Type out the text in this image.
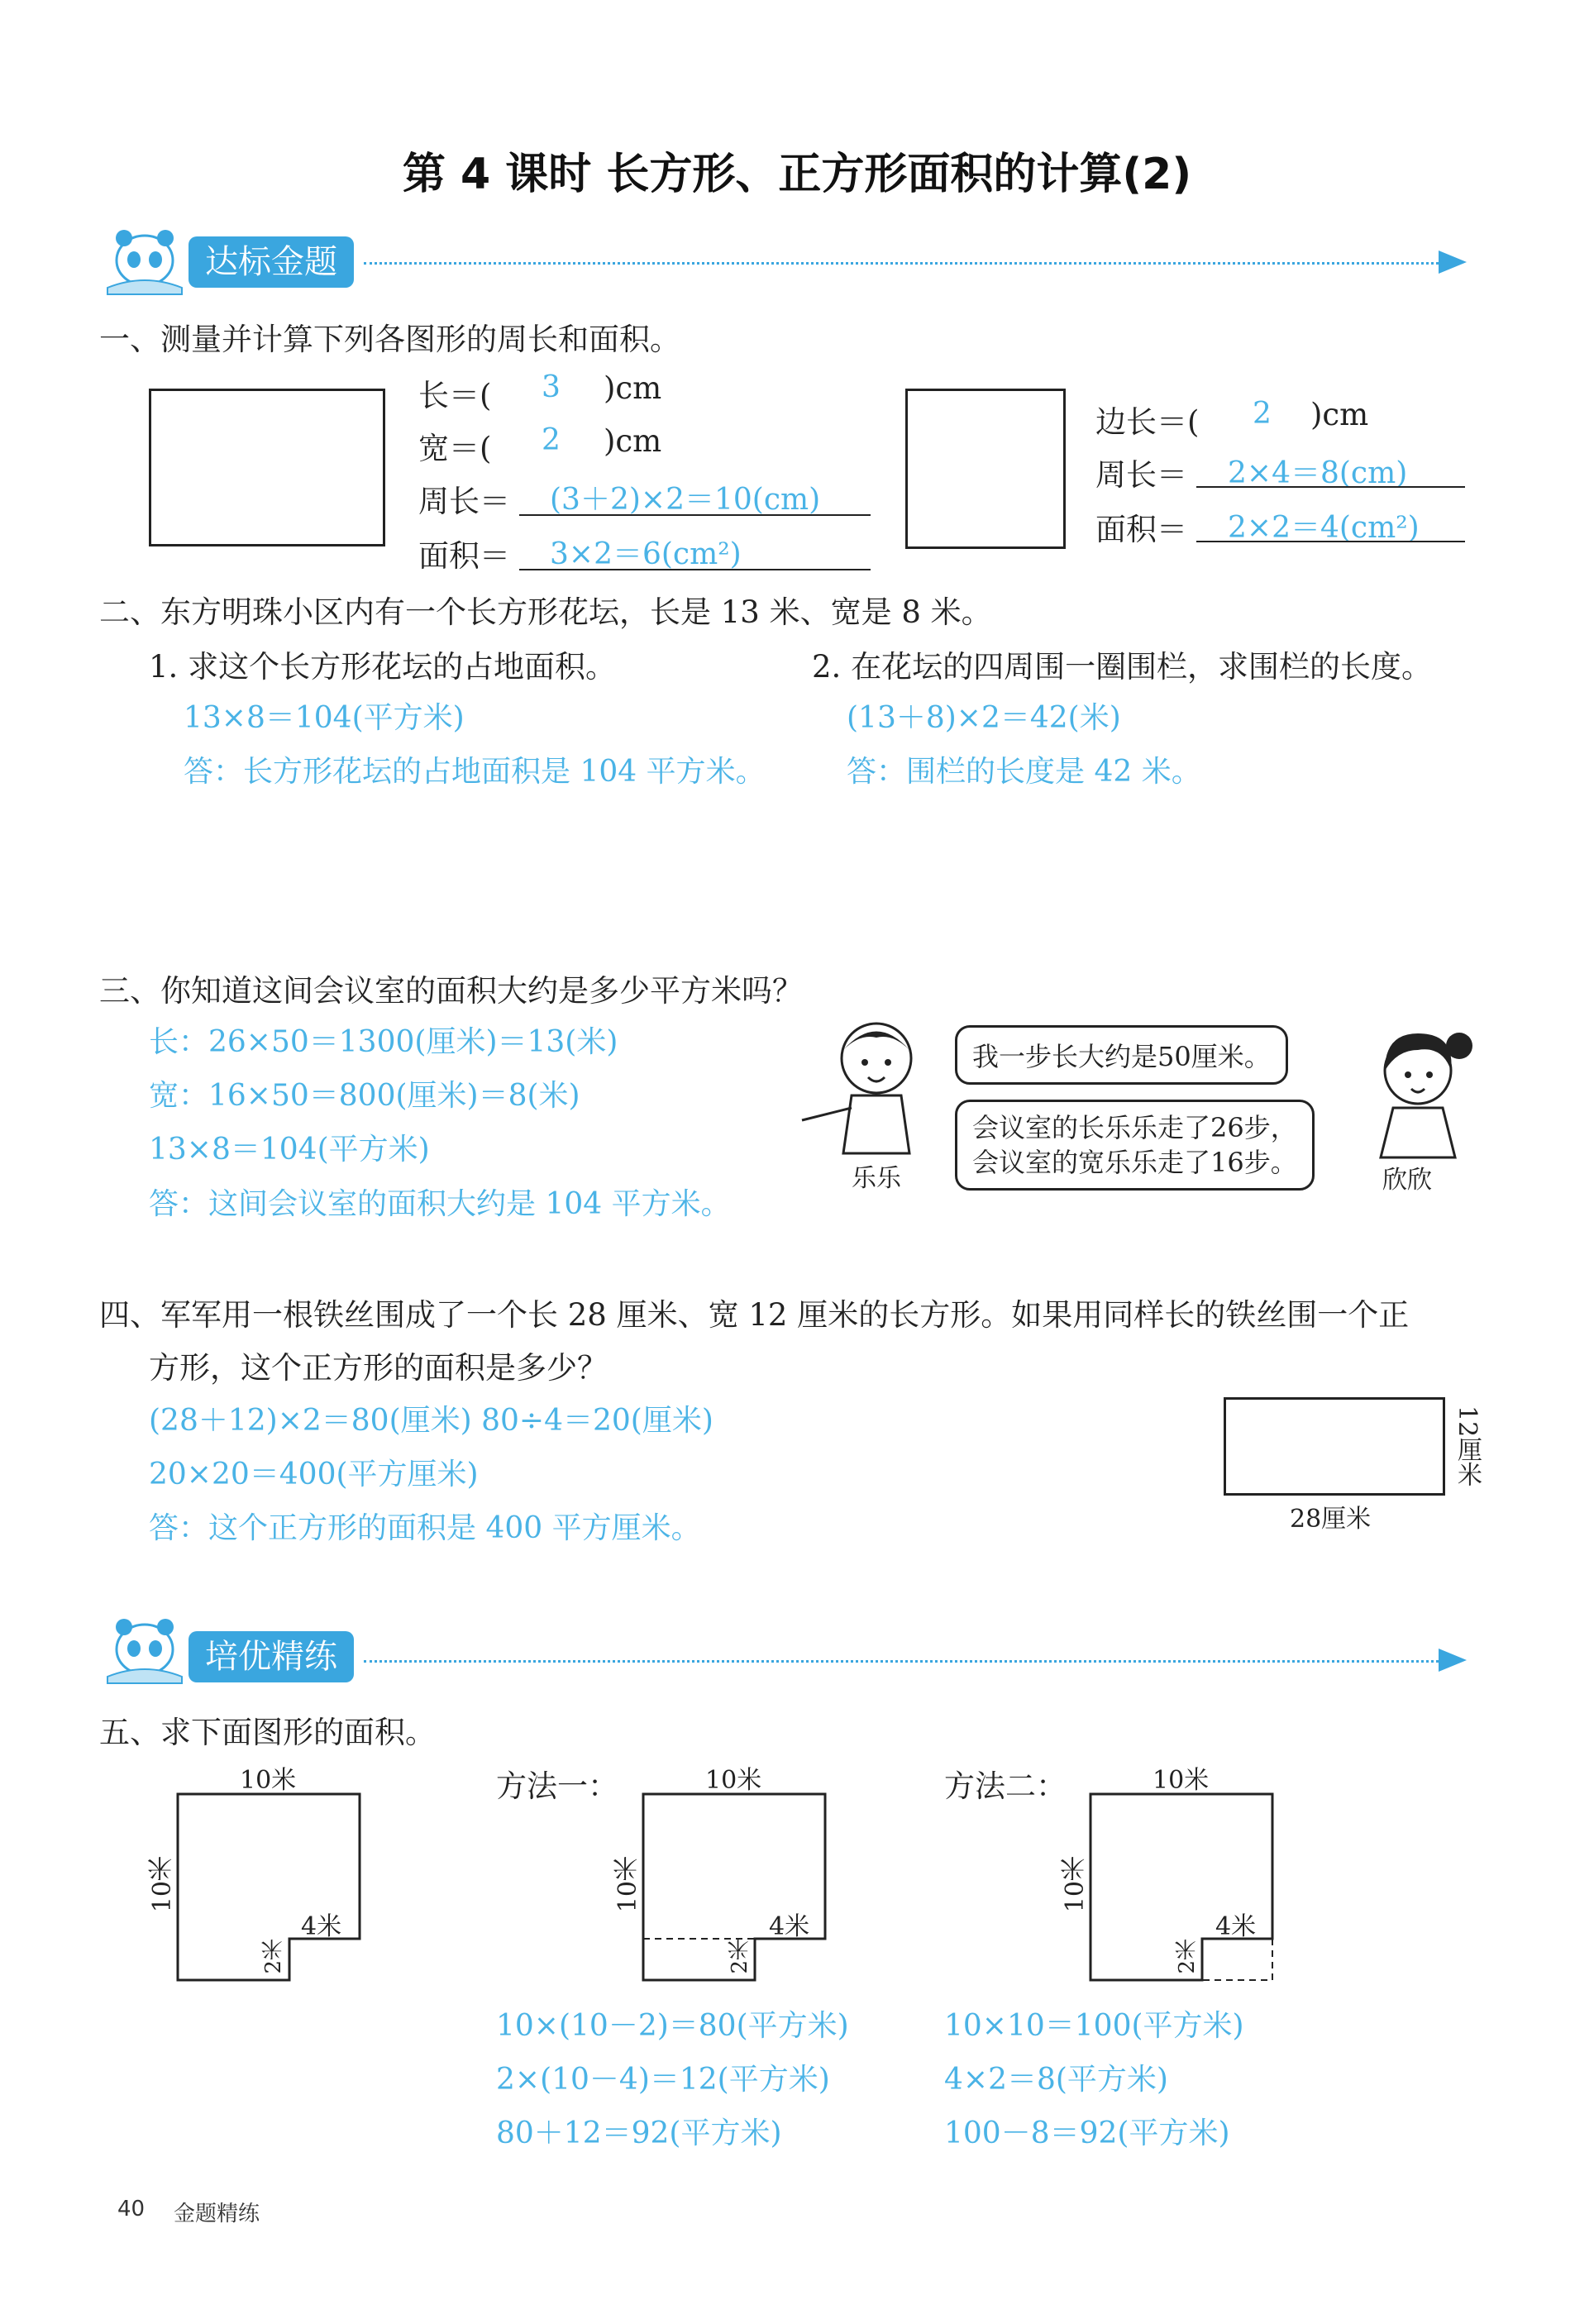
第 4 课时 长方形、正方形面积的计算(2)
达标金题
一、测量并计算下列各图形的周长和面积。
长＝( 3 )cm
宽＝( 2 )cm
周长＝ (3＋2)×2＝10(cm)
面积＝ 3×2＝6(cm²)
边长＝( 2 )cm
周长＝ 2×4＝8(cm)
面积＝ 2×2＝4(cm²)
二、东方明珠小区内有一个长方形花坛，长是 13 米、宽是 8 米。
1. 求这个长方形花坛的占地面积。
13×8＝104(平方米)
答：长方形花坛的占地面积是 104 平方米。
2. 在花坛的四周围一圈围栏，求围栏的长度。
(13＋8)×2＝42(米)
答：围栏的长度是 42 米。
三、你知道这间会议室的面积大约是多少平方米吗？
长：26×50＝1300(厘米)＝13(米)
宽：16×50＝800(厘米)＝8(米)
13×8＝104(平方米)
答：这间会议室的面积大约是 104 平方米。
乐乐
我一步长大约是50厘米。
会议室的长乐乐走了26步，
会议室的宽乐乐走了16步。
欣欣
四、军军用一根铁丝围成了一个长 28 厘米、宽 12 厘米的长方形。如果用同样长的铁丝围一个正
方形，这个正方形的面积是多少？
(28＋12)×2＝80(厘米) 80÷4＝20(厘米)
20×20＝400(平方厘米)
答：这个正方形的面积是 400 平方厘米。	28厘米
12厘米
培优精练
五、求下面图形的面积。
10米
10米
4米
2米
方法一：	10米
10米
4米
2米
10×(10－2)＝80(平方米)
2×(10－4)＝12(平方米)
80＋12＝92(平方米)
方法二：	10米
10米
4米
2米
10×10＝100(平方米)
4×2＝8(平方米)
100－8＝92(平方米)
40 金题精练
